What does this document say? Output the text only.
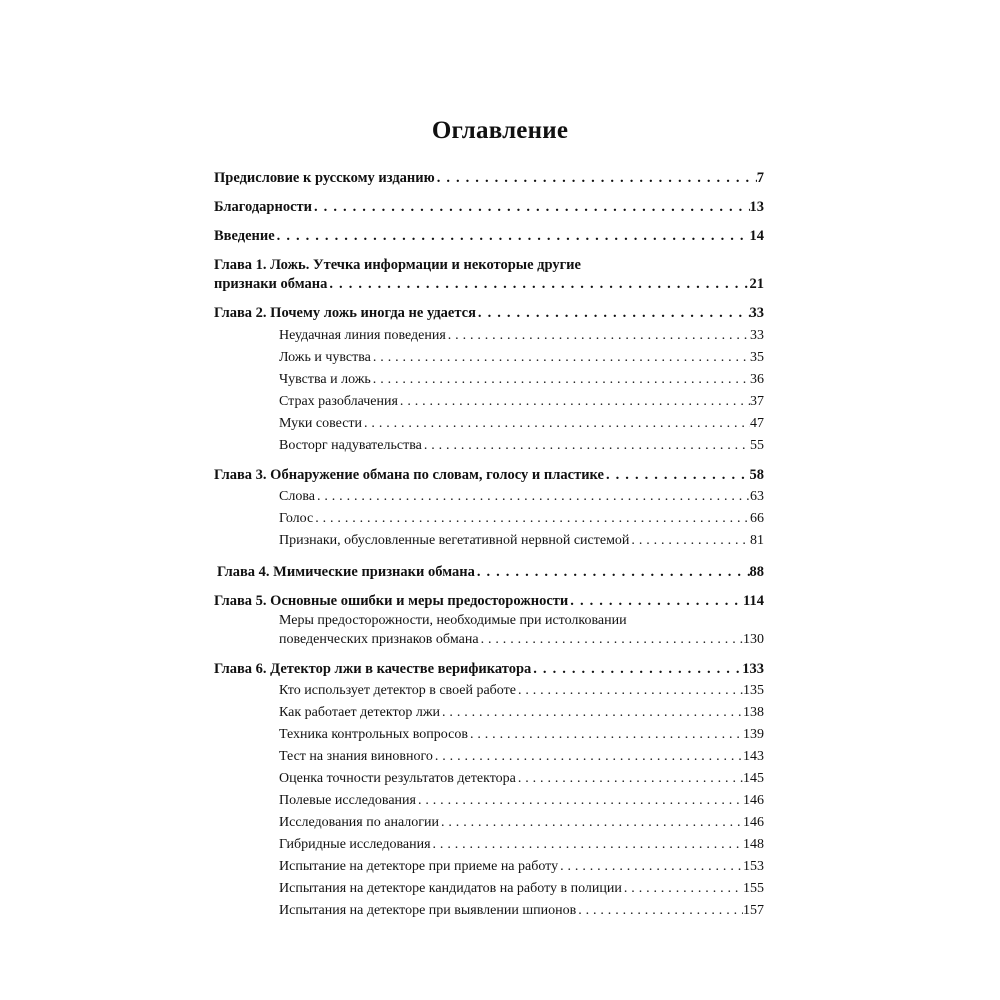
Оглавление
Предисловие к русскому изданию . . .	7
Благодарности . . .	13
Введение . . .	14
Глава 1. Ложь. Утечка информации и некоторые другие
признаки обмана . . .	21
Глава 2. Почему ложь иногда не удается . . .	33
Неудачная линия поведения . . .	33
Ложь и чувства . . .	35
Чувства и ложь . . .	36
Страх разоблачения . . .	37
Муки совести . . .	47
Восторг надувательства . . .	55
Глава 3. Обнаружение обмана по словам, голосу и пластике . . .	58
Слова . . .	63
Голос . . .	66
Признаки, обусловленные вегетативной нервной системой . . .	81
Глава 4. Мимические признаки обмана . . .	88
Глава 5. Основные ошибки и меры предосторожности . . .	114
Меры предосторожности, необходимые при истолковании
поведенческих признаков обмана . . .	130
Глава 6. Детектор лжи в качестве верификатора . . .	133
Кто использует детектор в своей работе . . .	135
Как работает детектор лжи . . .	138
Техника контрольных вопросов . . .	139
Тест на знания виновного . . .	143
Оценка точности результатов детектора . . .	145
Полевые исследования . . .	146
Исследования по аналогии . . .	146
Гибридные исследования . . .	148
Испытание на детекторе при приеме на работу . . .	153
Испытания на детекторе кандидатов на работу в полиции . . .	155
Испытания на детекторе при выявлении шпионов . . .	157
